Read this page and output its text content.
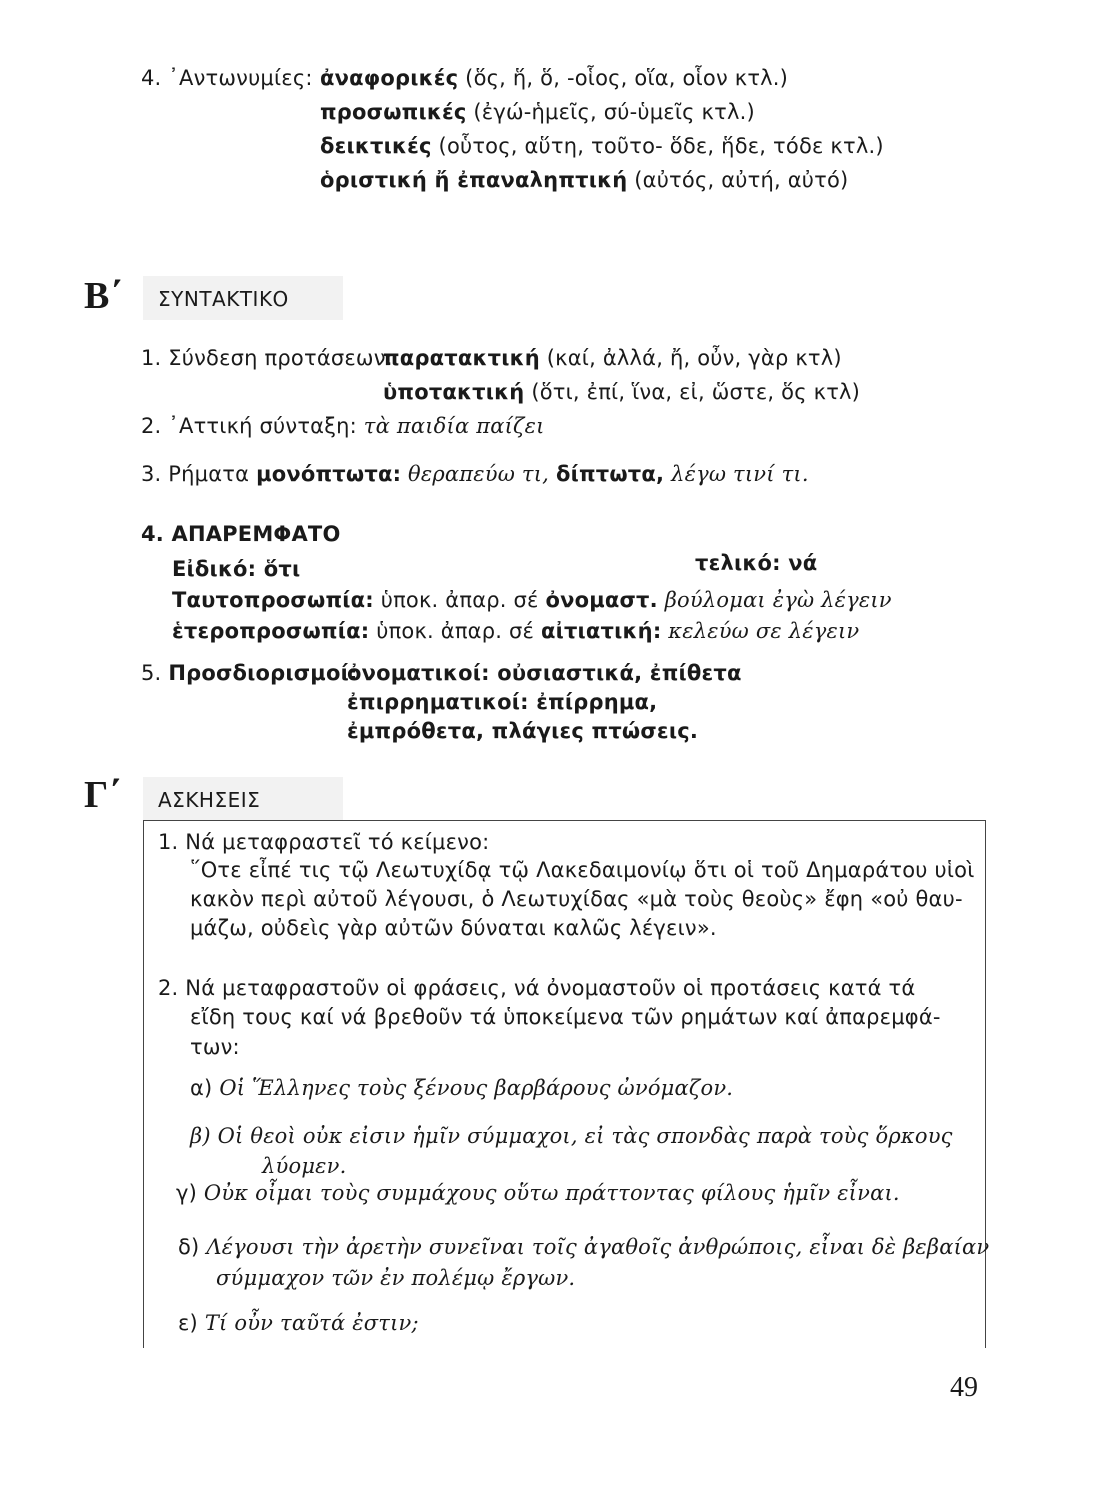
4. ᾿Αντωνυμίες: ἀναφορικές (ὅς, ἥ, ὅ, -οἷος, οἵα, οἷον κτλ.)
προσωπικές (ἐγώ-ἡμεῖς, σύ-ὑμεῖς κτλ.)
δεικτικές (οὗτος, αὕτη, τοῦτο- ὅδε, ἥδε, τόδε κτλ.)
ὁριστική ἤ ἐπαναληπτική (αὐτός, αὐτή, αὐτό)
Β΄ ΣΥΝΤΑΚΤΙΚΟ
1. Σύνδεση προτάσεων:
παρατακτική (καί, ἀλλά, ἤ, οὖν, γὰρ κτλ)
ὑποτακτική (ὅτι, ἐπί, ἵνα, εἰ, ὥστε, ὅς κτλ)
2. ᾿Αττική σύνταξη: τὰ παιδία παίζει
3. Ρήματα μονόπτωτα: θεραπεύω τι, δίπτωτα, λέγω τινί τι.
4. ΑΠΑΡΕΜΦΑΤΟ
Εἰδικό: ὅτι	τελικό: νά
Ταυτοπροσωπία: ὑποκ. ἀπαρ. σέ ὀνομαστ. βούλομαι ἐγὼ λέγειν
ἑτεροπροσωπία: ὑποκ. ἀπαρ. σέ αἰτιατική: κελεύω σε λέγειν
5. Προσδιορισμοί:
ὀνοματικοί: οὐσιαστικά, ἐπίθετα
ἐπιρρηματικοί: ἐπίρρημα,
ἐμπρόθετα, πλάγιες πτώσεις.
Γ΄ ΑΣΚΗΣΕΙΣ
1. Νά μεταφραστεῖ τό κείμενο:
῞Οτε εἶπέ τις τῷ Λεωτυχίδᾳ τῷ Λακεδαιμονίῳ ὅτι οἱ τοῦ Δημαράτου υἱοὶ
κακὸν περὶ αὐτοῦ λέγουσι, ὁ Λεωτυχίδας «μὰ τοὺς θεοὺς» ἔφη «οὐ θαυ-
μάζω, οὐδεὶς γὰρ αὐτῶν δύναται καλῶς λέγειν».
2. Νά μεταφραστοῦν οἱ φράσεις, νά ὀνομαστοῦν οἱ προτάσεις κατά τά
εἴδη τους καί νά βρεθοῦν τά ὑποκείμενα τῶν ρημάτων καί ἀπαρεμφά-
των:
α) Οἱ Ἕλληνες τοὺς ξένους βαρβάρους ὠνόμαζον.
β) Οἱ θεοὶ οὐκ εἰσιν ἡμῖν σύμμαχοι, εἰ τὰς σπονδὰς παρὰ τοὺς ὅρκους
λύομεν.
γ) Οὐκ οἶμαι τοὺς συμμάχους οὕτω πράττοντας φίλους ἡμῖν εἶναι.
δ) Λέγουσι τὴν ἀρετὴν συνεῖναι τοῖς ἀγαθοῖς ἀνθρώποις, εἶναι δὲ βεβαίαν
σύμμαχον τῶν ἐν πολέμῳ ἔργων.
ε) Τί οὖν ταῦτά ἐστιν;
49
